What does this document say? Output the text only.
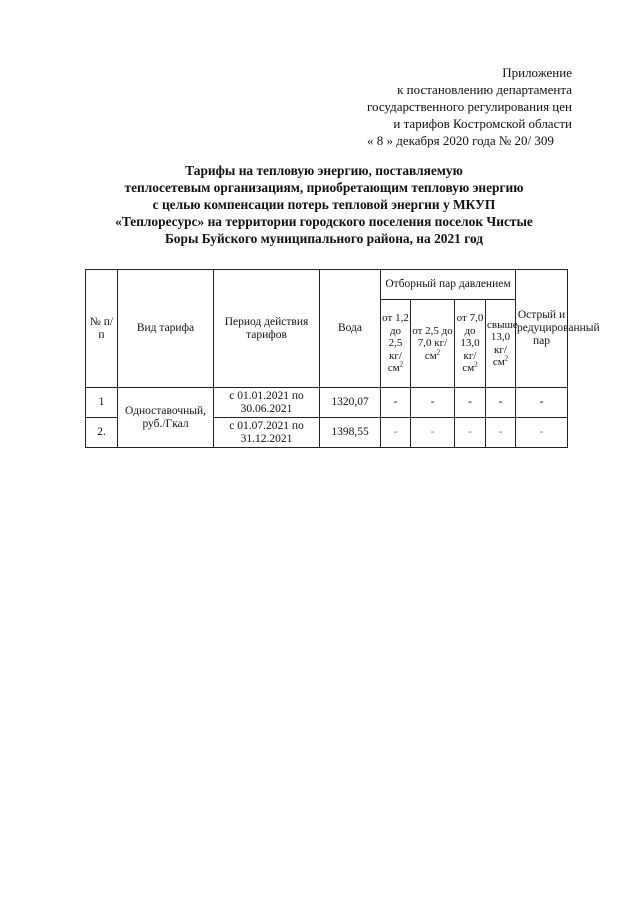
Приложение
к постановлению департамента
государственного регулирования цен
и тарифов Костромской области
« 8 » декабря 2020 года № 20/ 309
Тарифы на тепловую энергию, поставляемую
теплосетевым организациям, приобретающим тепловую энергию
с целью компенсации потерь тепловой энергии у МКУП
«Теплоресурс» на территории городского поселения поселок Чистые
Боры Буйского муниципального района, на 2021 год
№ п/п	Вид тарифа	Период действия тарифов	Вода	Отборный пар давлением				Острый и редуцированный пар
				от 1,2 до 2,5 $кг/см^2$	от 2,5 до 7,0 $кг/см^2$	от 7,0 до 13,0 $кг/см^2$	свыше 13,0 $кг/см^2$
1	Одноставочный, руб./Гкал	с 01.01.2021 по 30.06.2021	1320,07	-	-	-	-	-
2.		с 01.07.2021 по 31.12.2021	1398,55	-	-	-	-	-
